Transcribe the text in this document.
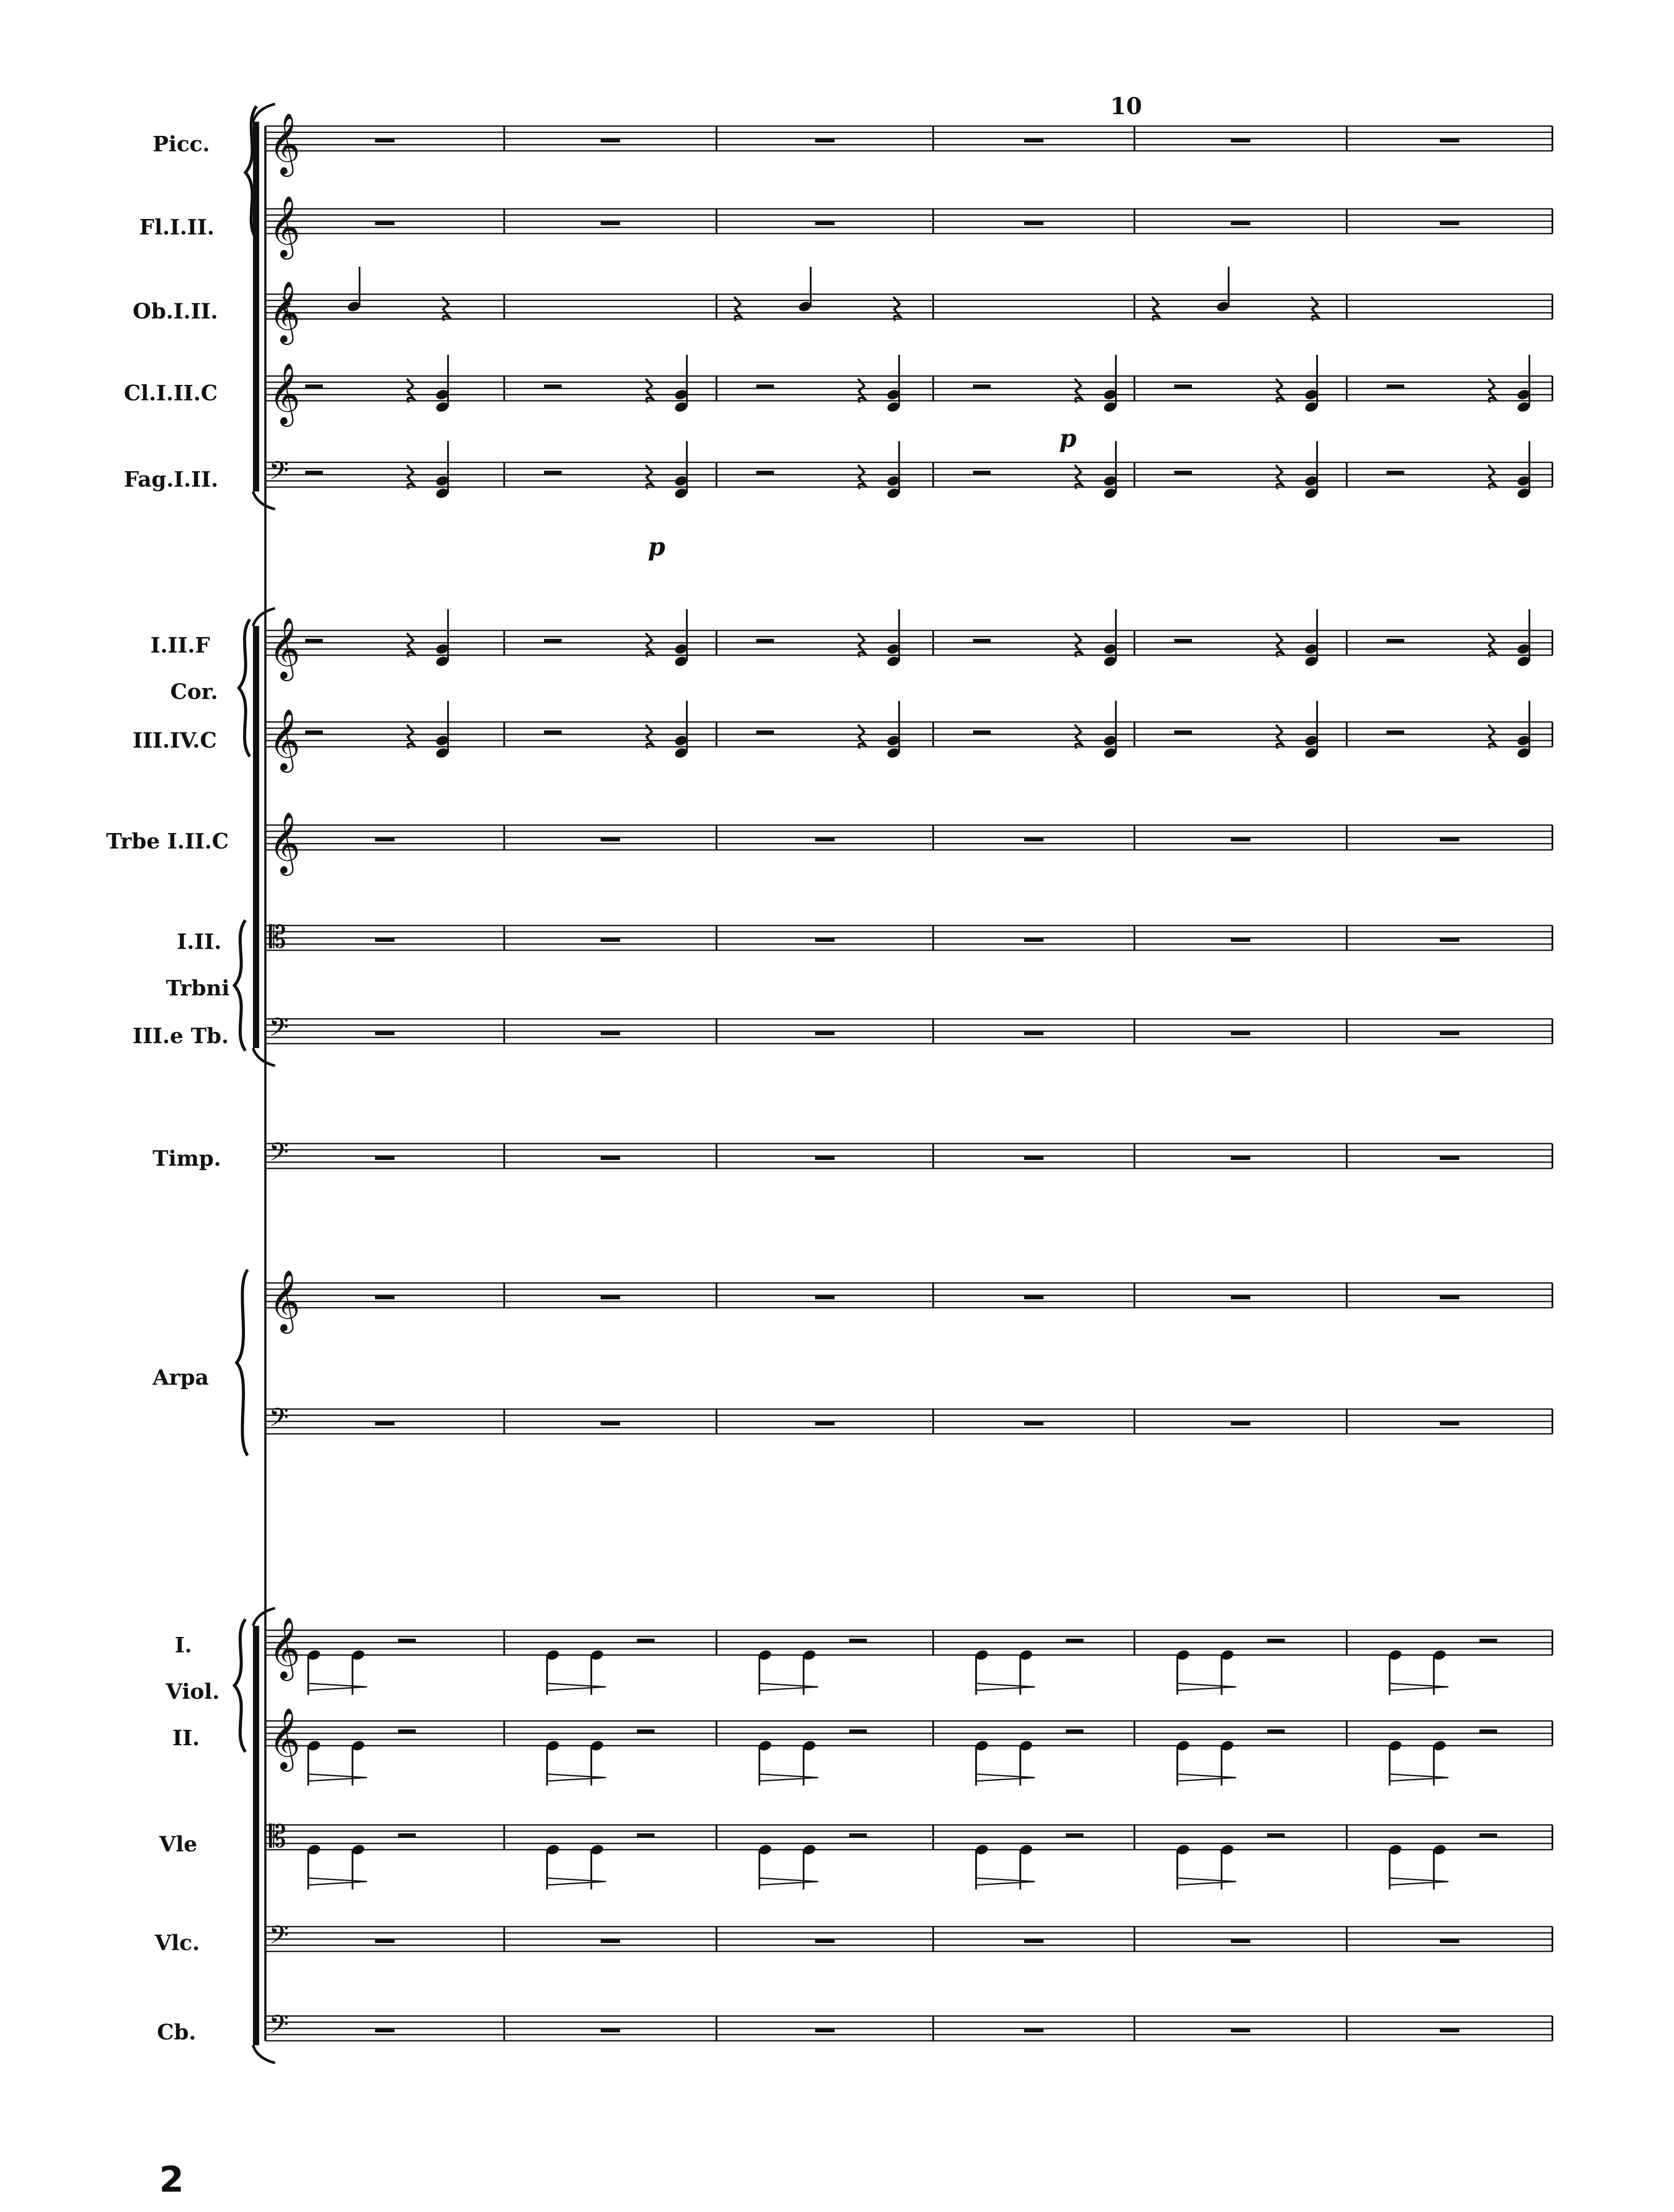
10
Picc.
Fl.I.II.
Ob.I.II.
Cl.I.II.C
Fag.I.II.
I.II.F
Cor.
III.IV.C
Trbe I.II.C
I.II.
Trbni
III.e Tb.
Timp.
Arpa
I.
Viol.
II.
Vle
Vlc.
Cb.
p
p
𝄞
𝄞
𝄞
𝄞
𝄢
𝄞
𝄞
𝄞
𝄡
𝄢
𝄢
𝄞
𝄢
𝄞
𝄞
𝄡
𝄢
𝄢
2
